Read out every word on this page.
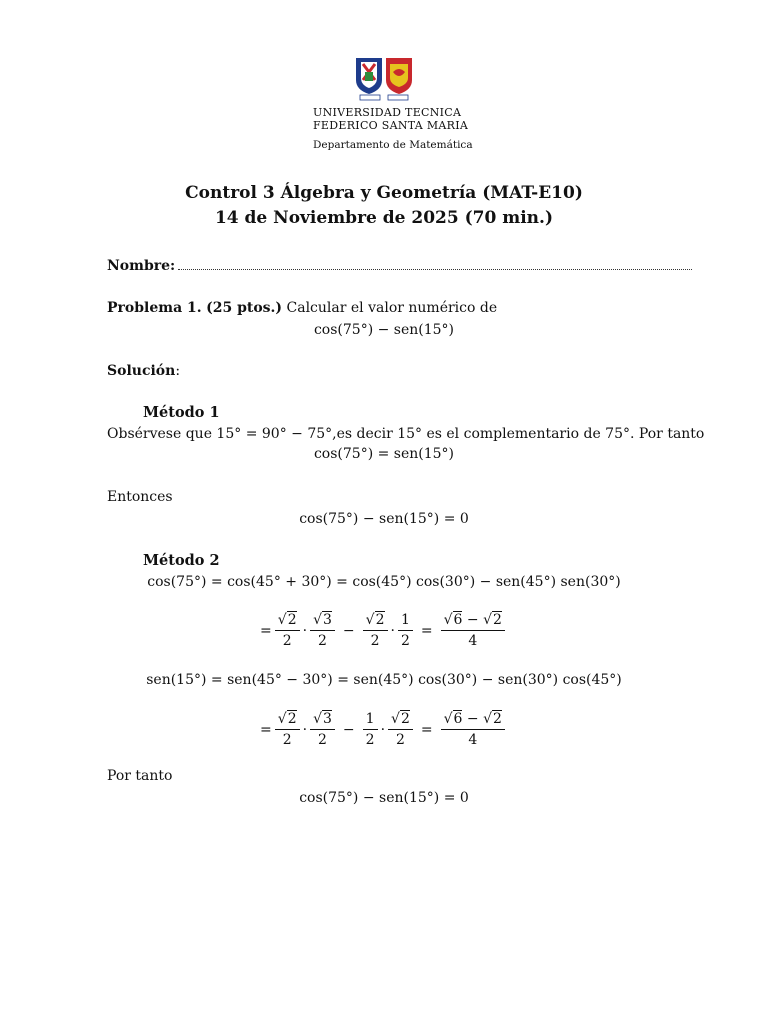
UNIVERSIDAD TECNICA
FEDERICO SANTA MARIA
Departamento de Matemática
Control 3 Álgebra y Geometría (MAT-E10)
14 de Noviembre de 2025 (70 min.)
Nombre:
Problema 1. (25 ptos.) Calcular el valor numérico de
cos(75°) − sen(15°)
Solución:
Método 1
Obsérvese que 15° = 90° − 75°,es decir 15° es el complementario de 75°. Por tanto
cos(75°) = sen(15°)
Entonces
cos(75°) − sen(15°) = 0
Método 2
cos(75°) = cos(45° + 30°) = cos(45°) cos(30°) − sen(45°) sen(30°)
= $\frac{√2}{2} \cdot \frac{√3}{2} - \frac{√2}{2} \cdot \frac{1}{2} = \frac{√6 - √2}{4}$
sen(15°) = sen(45° − 30°) = sen(45°) cos(30°) − sen(30°) cos(45°)
= $\frac{√2}{2} \cdot \frac{√3}{2} - \frac{1}{2} \cdot \frac{√2}{2} = \frac{√6 - √2}{4}$
Por tanto
cos(75°) − sen(15°) = 0
